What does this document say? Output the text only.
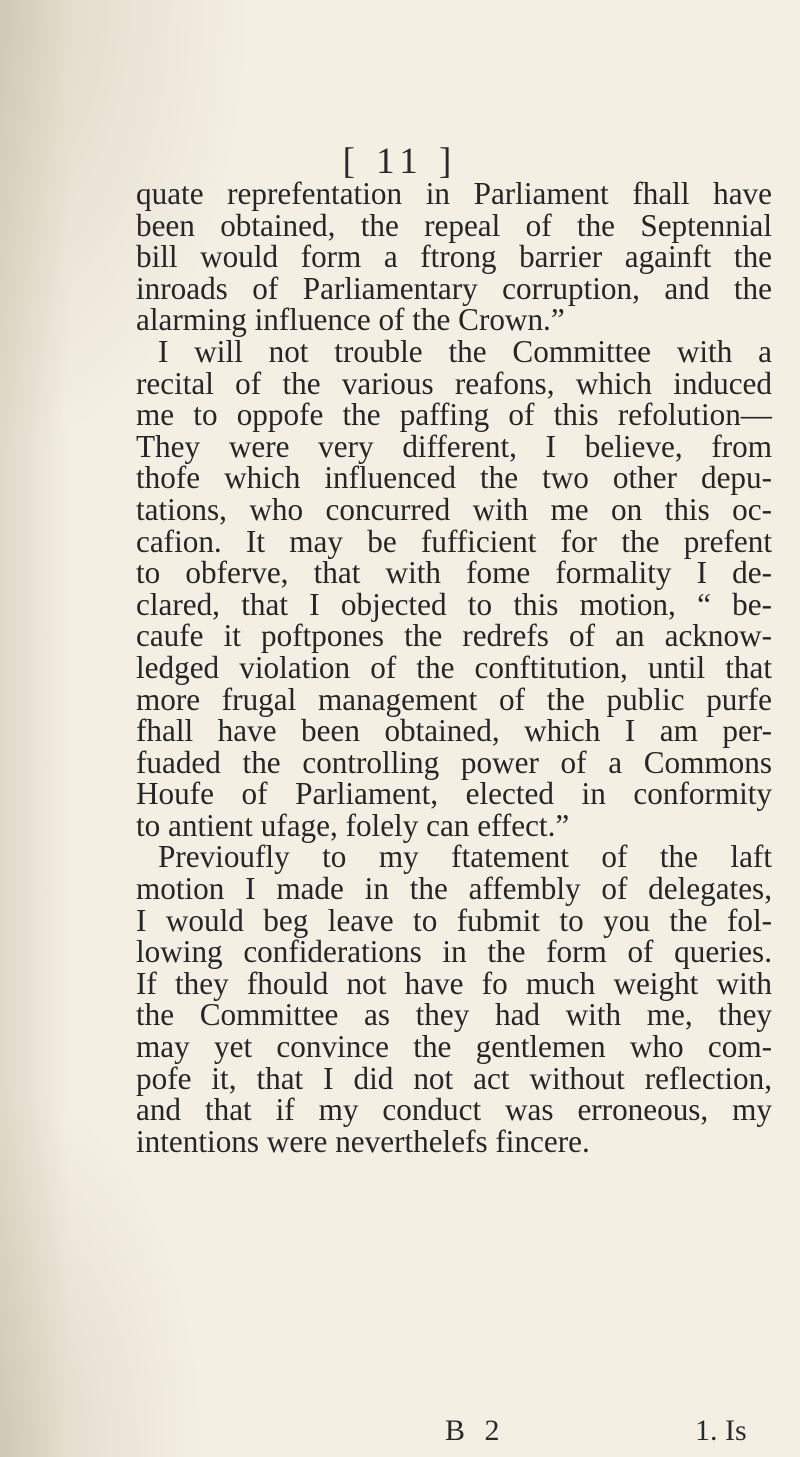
[ 11 ]
quate reprefentation in Parliament fhall have
been obtained, the repeal of the Septennial
bill would form a ftrong barrier againft the
inroads of Parliamentary corruption, and the
alarming influence of the Crown.”
I will not trouble the Committee with a
recital of the various reafons, which induced
me to oppofe the paffing of this refolution—
They were very different, I believe, from
thofe which influenced the two other depu-
tations, who concurred with me on this oc-
cafion. It may be fufficient for the prefent
to obferve, that with fome formality I de-
clared, that I objected to this motion, “ be-
caufe it poftpones the redrefs of an acknow-
ledged violation of the conftitution, until that
more frugal management of the public purfe
fhall have been obtained, which I am per-
fuaded the controlling power of a Commons
Houfe of Parliament, elected in conformity
to antient ufage, folely can effect.”
Previoufly to my ftatement of the laft
motion I made in the affembly of delegates,
I would beg leave to fubmit to you the fol-
lowing confiderations in the form of queries.
If they fhould not have fo much weight with
the Committee as they had with me, they
may yet convince the gentlemen who com-
pofe it, that I did not act without reflection,
and that if my conduct was erroneous, my
intentions were neverthelefs fincere.
B 2	1. Is
